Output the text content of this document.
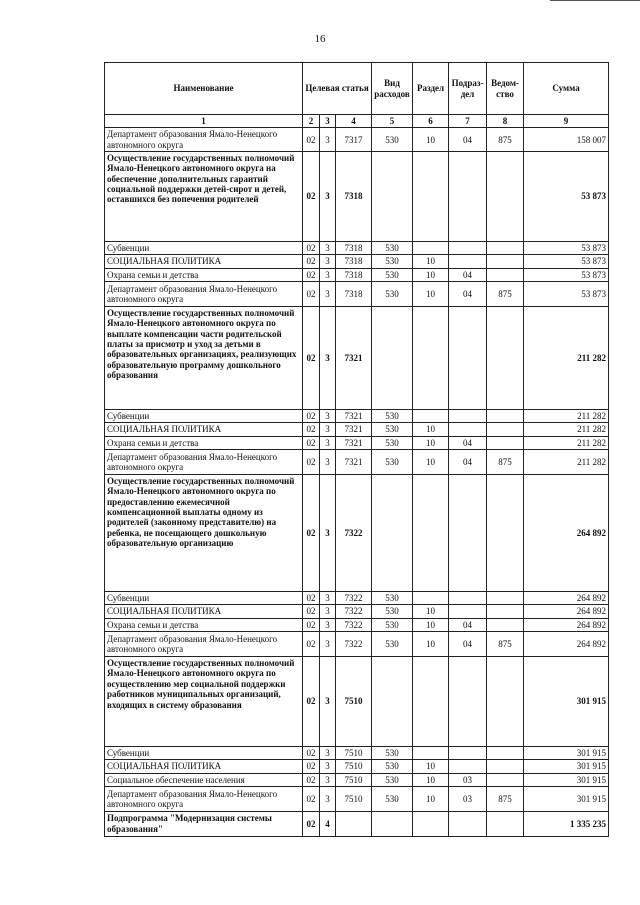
16
Наименование	Целевая статья			Вид расходов	Раздел	Подраз-дел	Ведом-ство	Сумма
1	2	3	4	5	6	7	8	9
Департамент образования Ямало-Ненецкого автономного округа	02	3	7317	530	10	04	875	158 007
Осуществление государственных полномочий Ямало-Ненецкого автономного округа на обеспечение дополнительных гарантий социальной поддержки детей-сирот и детей, оставшихся без попечения родителей	02	3	7318					53 873
Субвенции	02	3	7318	530				53 873
СОЦИАЛЬНАЯ ПОЛИТИКА	02	3	7318	530	10			53 873
Охрана семьи и детства	02	3	7318	530	10	04		53 873
Департамент образования Ямало-Ненецкого автономного округа	02	3	7318	530	10	04	875	53 873
Осуществление государственных полномочий Ямало-Ненецкого автономного округа по выплате компенсации части родительской платы за присмотр и уход за детьми в образовательных организациях, реализующих образовательную программу дошкольного образования	02	3	7321					211 282
Субвенции	02	3	7321	530				211 282
СОЦИАЛЬНАЯ ПОЛИТИКА	02	3	7321	530	10			211 282
Охрана семьи и детства	02	3	7321	530	10	04		211 282
Департамент образования Ямало-Ненецкого автономного округа	02	3	7321	530	10	04	875	211 282
Осуществление государственных полномочий Ямало-Ненецкого автономного округа по предоставлению ежемесячной компенсационной выплаты одному из родителей (законному представителю) на ребенка, не посещающего дошкольную образовательную организацию	02	3	7322					264 892
Субвенции	02	3	7322	530				264 892
СОЦИАЛЬНАЯ ПОЛИТИКА	02	3	7322	530	10			264 892
Охрана семьи и детства	02	3	7322	530	10	04		264 892
Департамент образования Ямало-Ненецкого автономного округа	02	3	7322	530	10	04	875	264 892
Осуществление государственных полномочий Ямало-Ненецкого автономного округа по осуществлению мер социальной поддержки работников муниципальных организаций, входящих в систему образования	02	3	7510					301 915
Субвенции	02	3	7510	530				301 915
СОЦИАЛЬНАЯ ПОЛИТИКА	02	3	7510	530	10			301 915
Социальное обеспечение населения	02	3	7510	530	10	03		301 915
Департамент образования Ямало-Ненецкого автономного округа	02	3	7510	530	10	03	875	301 915
Подпрограмма "Модернизация системы образования"	02	4						1 335 235
